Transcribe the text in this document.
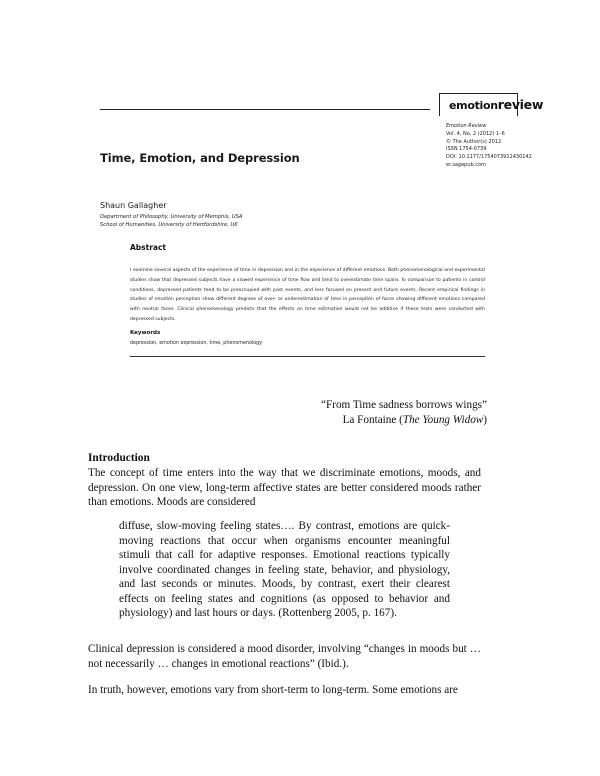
emotionreview
Emotion Review
Vol. 4, No. 2 (2012) 1–6
© The Author(s) 2012
ISSN 1754-0739
DOI: 10.1177/1754073911430142
er.sagepub.com
Time, Emotion, and Depression
Shaun Gallagher
Department of Philosophy, University of Memphis, USA
School of Humanities, University of Hertfordshire, UK
Abstract
I examine several aspects of the experience of time in depression and in the experience of different emotions. Both phenomenological and experimental studies show that depressed subjects have a slowed experience of time flow and tend to overestimate time spans. In comparison to patients in control conditions, depressed patients tend to be preoccupied with past events, and less focused on present and future events. Recent empirical findings in studies of emotion perception show different degrees of over- or underestimation of time in perception of faces showing different emotions compared with neutral faces. Clinical phenomenology predicts that the effects on time estimation would not be additive if these tests were conducted with depressed subjects.
Keywords
depression, emotion expression, time, phenomenology
“From Time sadness borrows wings”
La Fontaine (The Young Widow)
Introduction
The concept of time enters into the way that we discriminate emotions, moods, and depression. On one view, long-term affective states are better considered moods rather than emotions. Moods are considered
diffuse, slow-moving feeling states…. By contrast, emotions are quick-moving reactions that occur when organisms encounter meaningful stimuli that call for adaptive responses. Emotional reactions typically involve coordinated changes in feeling state, behavior, and physiology, and last seconds or minutes. Moods, by contrast, exert their clearest effects on feeling states and cognitions (as opposed to behavior and physiology) and last hours or days. (Rottenberg 2005, p. 167).
Clinical depression is considered a mood disorder, involving “changes in moods but … not necessarily … changes in emotional reactions” (Ibid.).
In truth, however, emotions vary from short-term to long-term. Some emotions are
